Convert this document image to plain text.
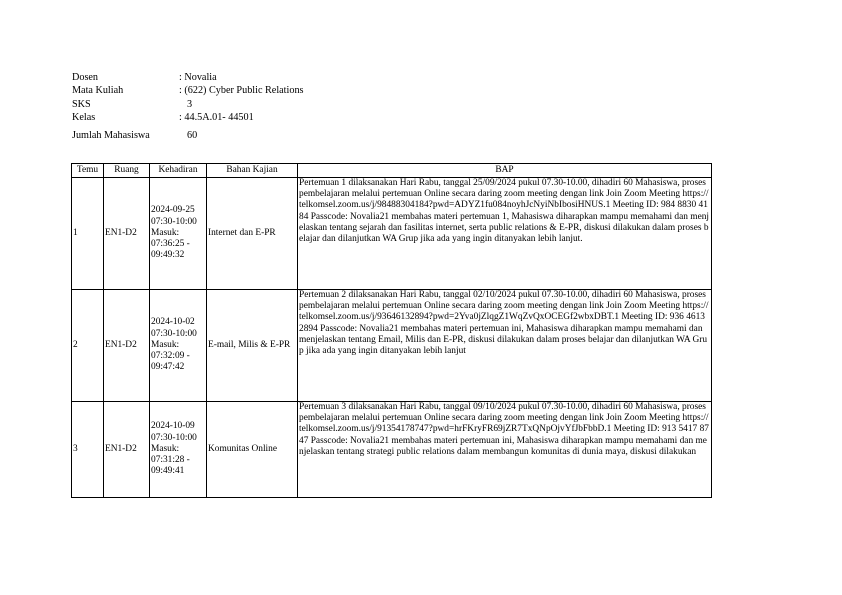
Dosen	: Novalia
Mata Kuliah	: (622) Cyber Public Relations
SKS	3
Kelas	: 44.5A.01- 44501
Jumlah Mahasiswa	60
Temu	Ruang	Kehadiran	Bahan Kajian	BAP
1	EN1-D2	2024-09-25 07:30-10:00 Masuk: 07:36:25 - 09:49:32	Internet dan E-PR	Pertemuan 1 dilaksanakan Hari Rabu, tanggal 25/09/2024 pukul 07.30-10.00, dihadiri 60 Mahasiswa, proses pembelajaran melalui pertemuan Online secara daring zoom meeting dengan link Join Zoom Meeting https://telkomsel.zoom.us/j/98488304184?pwd=ADYZ1fu084noyhJcNyiNbIbosiHNUS.1 Meeting ID: 984 8830 4184 Passcode: Novalia21 membahas materi pertemuan 1, Mahasiswa diharapkan mampu memahami dan menjelaskan tentang sejarah dan fasilitas internet, serta public relations & E-PR, diskusi dilakukan dalam proses belajar dan dilanjutkan WA Grup jika ada yang ingin ditanyakan lebih lanjut.
2	EN1-D2	2024-10-02 07:30-10:00 Masuk: 07:32:09 - 09:47:42	E-mail, Milis & E-PR	Pertemuan 2 dilaksanakan Hari Rabu, tanggal 02/10/2024 pukul 07.30-10.00, dihadiri 60 Mahasiswa, proses pembelajaran melalui pertemuan Online secara daring zoom meeting dengan link Join Zoom Meeting https://telkomsel.zoom.us/j/93646132894?pwd=2Yva0jZlqgZ1WqZvQxOCEGf2wbxDBT.1 Meeting ID: 936 4613 2894 Passcode: Novalia21 membahas materi pertemuan ini, Mahasiswa diharapkan mampu memahami dan menjelaskan tentang Email, Milis dan E-PR, diskusi dilakukan dalam proses belajar dan dilanjutkan WA Grup jika ada yang ingin ditanyakan lebih lanjut
3	EN1-D2	2024-10-09 07:30-10:00 Masuk: 07:31:28 - 09:49:41	Komunitas Online	Pertemuan 3 dilaksanakan Hari Rabu, tanggal 09/10/2024 pukul 07.30-10.00, dihadiri 60 Mahasiswa, proses pembelajaran melalui pertemuan Online secara daring zoom meeting dengan link Join Zoom Meeting https://telkomsel.zoom.us/j/91354178747?pwd=hrFKryFR69jZR7TxQNpOjvYfJbFbbD.1 Meeting ID: 913 5417 8747 Passcode: Novalia21 membahas materi pertemuan ini, Mahasiswa diharapkan mampu memahami dan menjelaskan tentang strategi public relations dalam membangun komunitas di dunia maya, diskusi dilakukan
